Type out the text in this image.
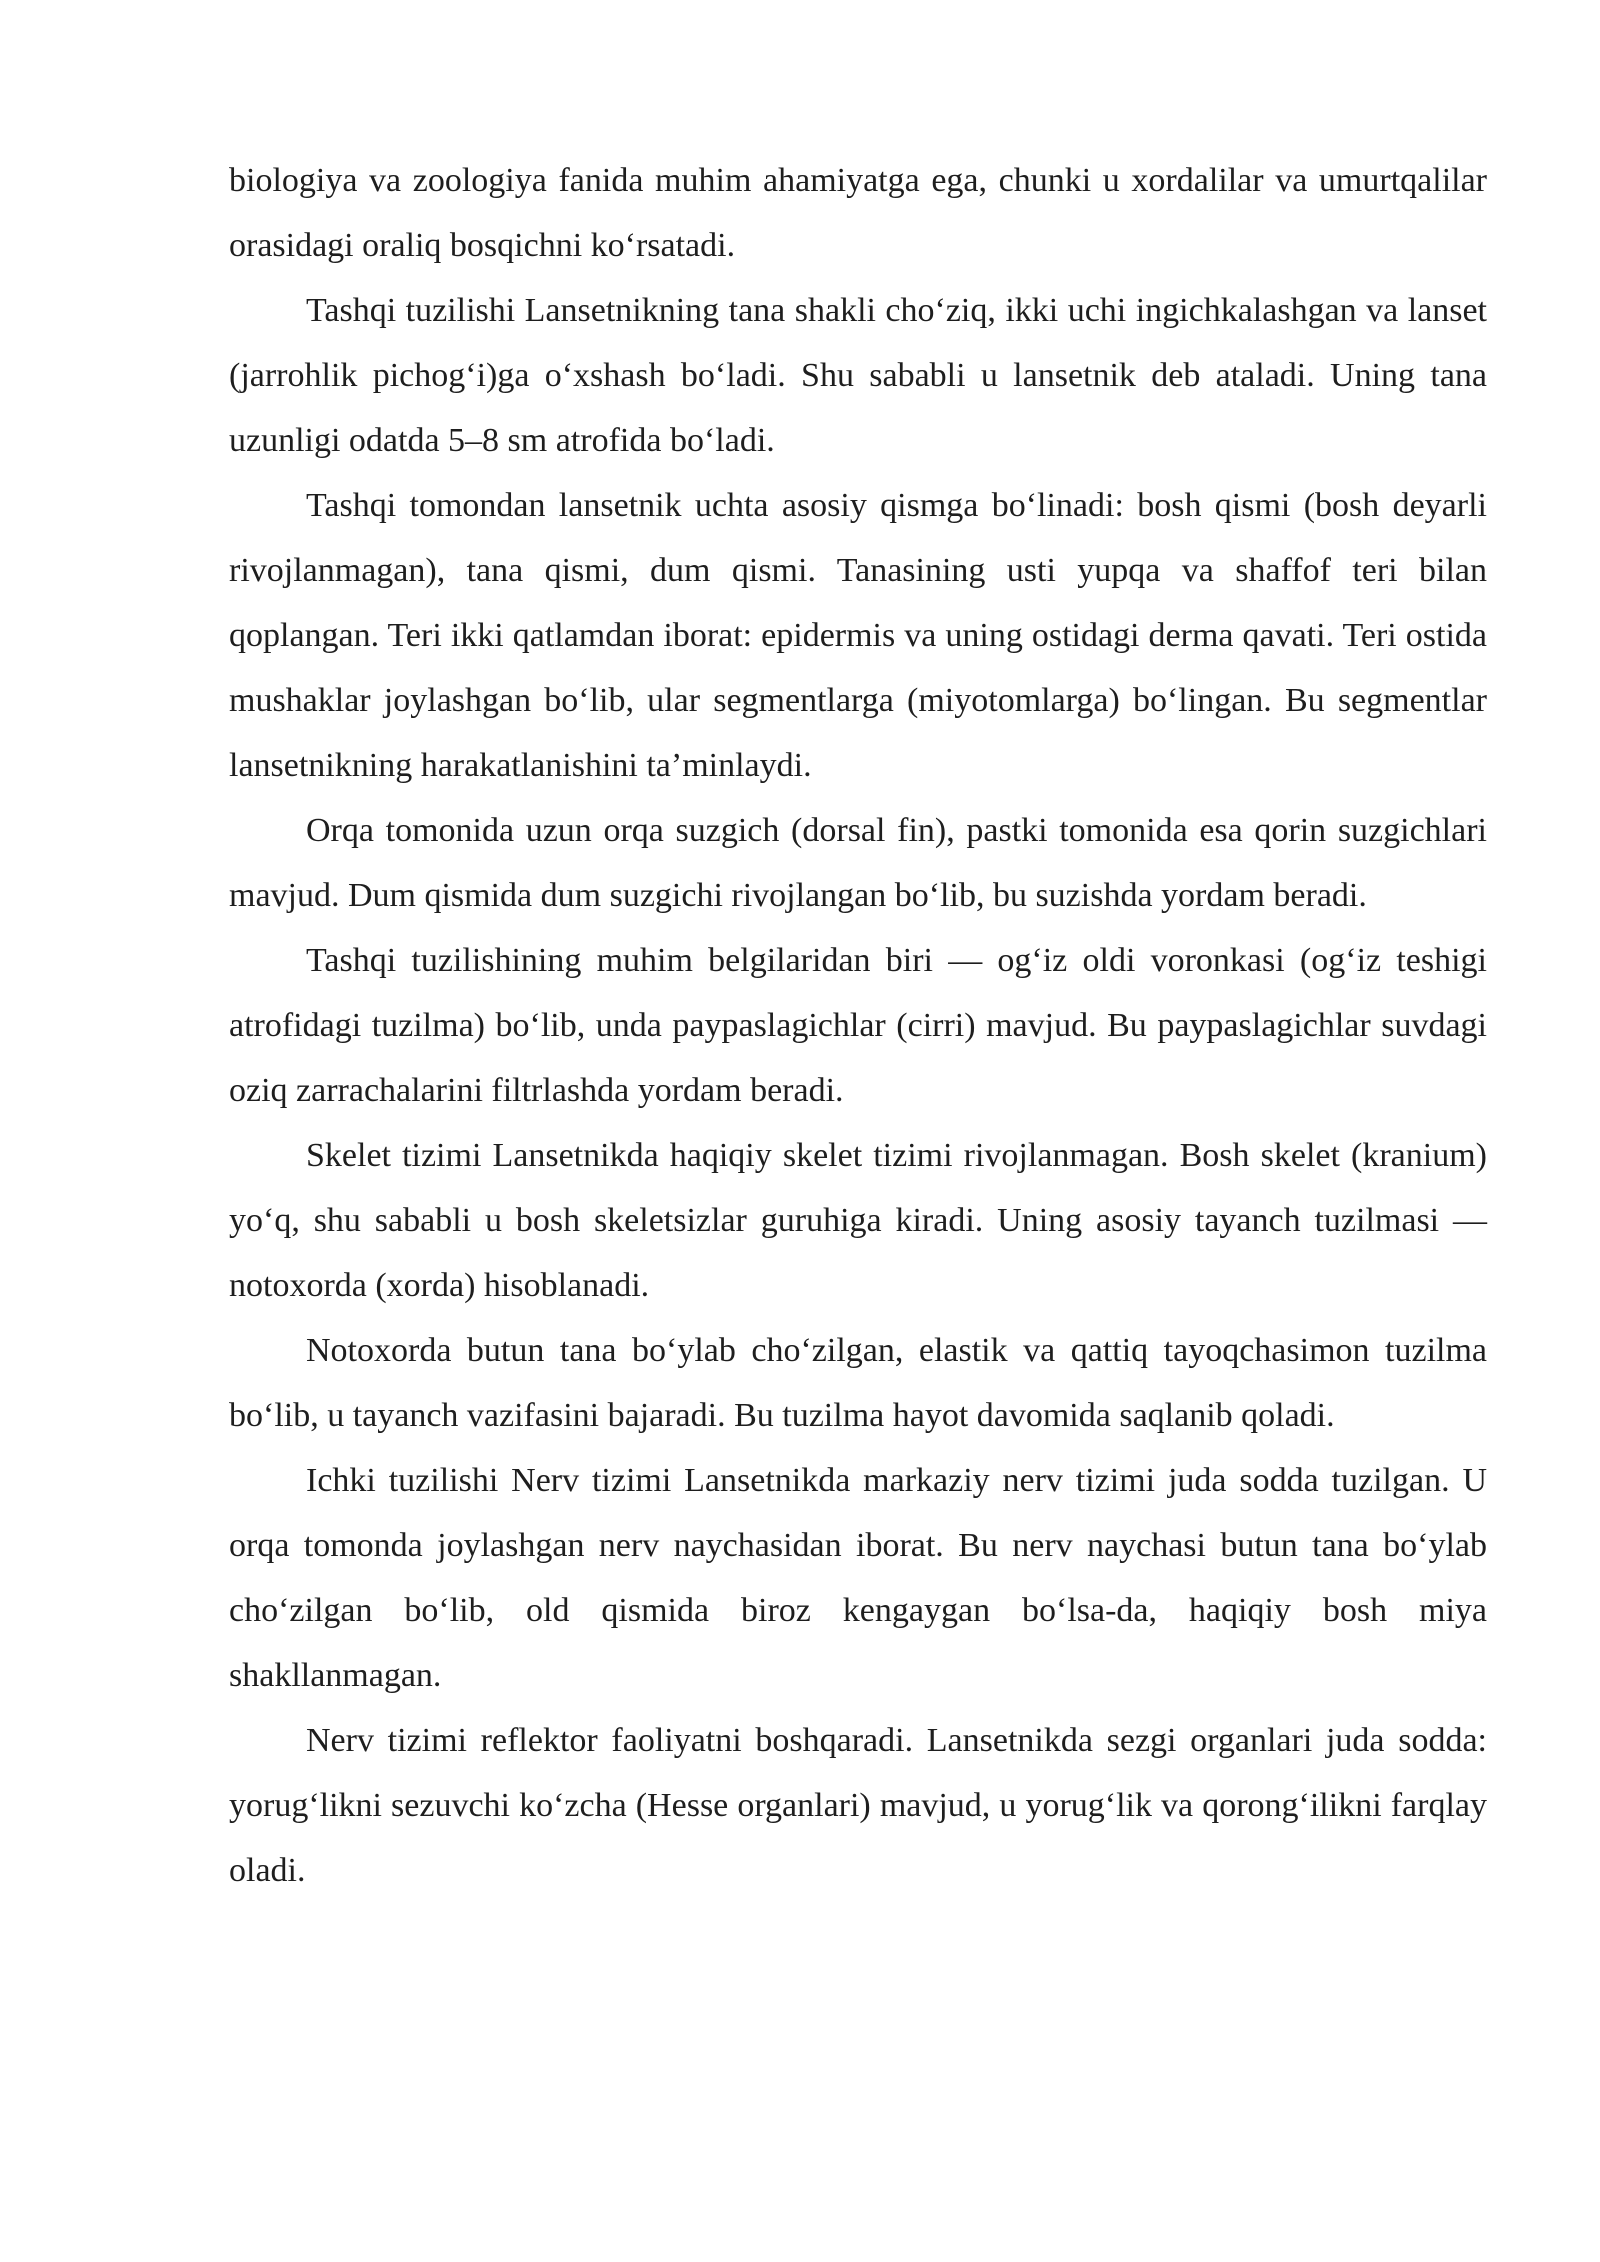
biologiya va zoologiya fanida muhim ahamiyatga ega, chunki u xordalilar va umurtqalilar orasidagi oraliq bosqichni ko‘rsatadi.

Tashqi tuzilishi Lansetnikning tana shakli cho‘ziq, ikki uchi ingichkalashgan va lanset (jarrohlik pichog‘i)ga o‘xshash bo‘ladi. Shu sababli u lansetnik deb ataladi. Uning tana uzunligi odatda 5–8 sm atrofida bo‘ladi.

Tashqi tomondan lansetnik uchta asosiy qismga bo‘linadi: bosh qismi (bosh deyarli rivojlanmagan), tana qismi, dum qismi. Tanasining usti yupqa va shaffof teri bilan qoplangan. Teri ikki qatlamdan iborat: epidermis va uning ostidagi derma qavati. Teri ostida mushaklar joylashgan bo‘lib, ular segmentlarga (miyotomlarga) bo‘lingan. Bu segmentlar lansetnikning harakatlanishini ta’minlaydi.

Orqa tomonida uzun orqa suzgich (dorsal fin), pastki tomonida esa qorin suzgichlari mavjud. Dum qismida dum suzgichi rivojlangan bo‘lib, bu suzishda yordam beradi.

Tashqi tuzilishining muhim belgilaridan biri — og‘iz oldi voronkasi (og‘iz teshigi atrofidagi tuzilma) bo‘lib, unda paypaslagichlar (cirri) mavjud. Bu paypaslagichlar suvdagi oziq zarrachalarini filtrlashda yordam beradi.

Skelet tizimi Lansetnikda haqiqiy skelet tizimi rivojlanmagan. Bosh skelet (kranium) yo‘q, shu sababli u bosh skeletsizlar guruhiga kiradi. Uning asosiy tayanch tuzilmasi — notoxorda (xorda) hisoblanadi.

Notoxorda butun tana bo‘ylab cho‘zilgan, elastik va qattiq tayoqchasimon tuzilma bo‘lib, u tayanch vazifasini bajaradi. Bu tuzilma hayot davomida saqlanib qoladi.

Ichki tuzilishi Nerv tizimi Lansetnikda markaziy nerv tizimi juda sodda tuzilgan. U orqa tomonda joylashgan nerv naychasidan iborat. Bu nerv naychasi butun tana bo‘ylab cho‘zilgan bo‘lib, old qismida biroz kengaygan bo‘lsa-da, haqiqiy bosh miya shakllanmagan.

Nerv tizimi reflektor faoliyatni boshqaradi. Lansetnikda sezgi organlari juda sodda: yorug‘likni sezuvchi ko‘zcha (Hesse organlari) mavjud, u yorug‘lik va qorong‘ilikni farqlay oladi.
